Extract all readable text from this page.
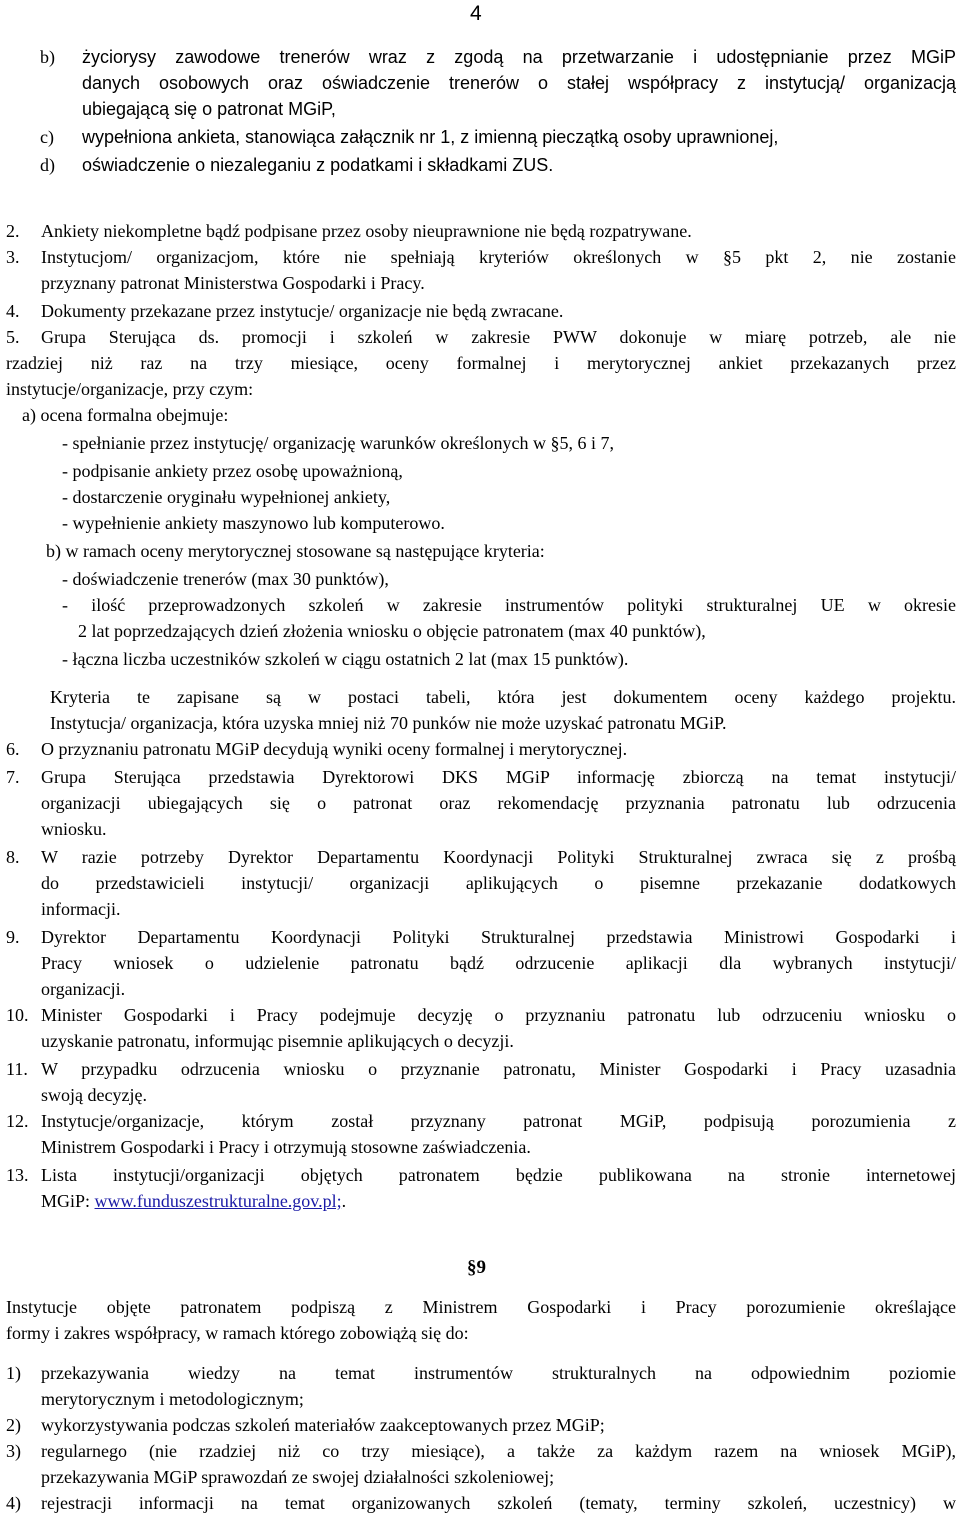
4
b) życiorysy zawodowe trenerów wraz z zgodą na przetwarzanie i udostępnianie przez MGiP
danych osobowych oraz oświadczenie trenerów o stałej współpracy z instytucją/ organizacją
ubiegającą się o patronat MGiP,
c) wypełniona ankieta, stanowiąca załącznik nr 1, z imienną pieczątką osoby uprawnionej,
d) oświadczenie o niezaleganiu z podatkami i składkami ZUS.
2. Ankiety niekompletne bądź podpisane przez osoby nieuprawnione nie będą rozpatrywane.
3. Instytucjom/ organizacjom, które nie spełniają kryteriów określonych w §5 pkt 2, nie zostanie
przyznany patronat Ministerstwa Gospodarki i Pracy.
4. Dokumenty przekazane przez instytucje/ organizacje nie będą zwracane.
5. Grupa Sterująca ds. promocji i szkoleń w zakresie PWW dokonuje w miarę potrzeb, ale nie
rzadziej niż raz na trzy miesiące, oceny formalnej i merytorycznej ankiet przekazanych przez
instytucje/organizacje, przy czym:
a) ocena formalna obejmuje:
- spełnianie przez instytucję/ organizację warunków określonych w §5, 6 i 7,
- podpisanie ankiety przez osobę upoważnioną,
- dostarczenie oryginału wypełnionej ankiety,
- wypełnienie ankiety maszynowo lub komputerowo.
b) w ramach oceny merytorycznej stosowane są następujące kryteria:
- doświadczenie trenerów (max 30 punktów),
- ilość przeprowadzonych szkoleń w zakresie instrumentów polityki strukturalnej UE w okresie
2 lat poprzedzających dzień złożenia wniosku o objęcie patronatem (max 40 punktów),
- łączna liczba uczestników szkoleń w ciągu ostatnich 2 lat (max 15 punktów).
Kryteria te zapisane są w postaci tabeli, która jest dokumentem oceny każdego projektu.
Instytucja/ organizacja, która uzyska mniej niż 70 punków nie może uzyskać patronatu MGiP.
6. O przyznaniu patronatu MGiP decydują wyniki oceny formalnej i merytorycznej.
7. Grupa Sterująca przedstawia Dyrektorowi DKS MGiP informację zbiorczą na temat instytucji/
organizacji ubiegających się o patronat oraz rekomendację przyznania patronatu lub odrzucenia
wniosku.
8. W razie potrzeby Dyrektor Departamentu Koordynacji Polityki Strukturalnej zwraca się z prośbą
do przedstawicieli instytucji/ organizacji aplikujących o pisemne przekazanie dodatkowych
informacji.
9. Dyrektor Departamentu Koordynacji Polityki Strukturalnej przedstawia Ministrowi Gospodarki i
Pracy wniosek o udzielenie patronatu bądź odrzucenie aplikacji dla wybranych instytucji/
organizacji.
10. Minister Gospodarki i Pracy podejmuje decyzję o przyznaniu patronatu lub odrzuceniu wniosku o
uzyskanie patronatu, informując pisemnie aplikujących o decyzji.
11. W przypadku odrzucenia wniosku o przyznanie patronatu, Minister Gospodarki i Pracy uzasadnia
swoją decyzję.
12. Instytucje/organizacje, którym został przyznany patronat MGiP, podpisują porozumienia z
Ministrem Gospodarki i Pracy i otrzymują stosowne zaświadczenia.
13. Lista instytucji/organizacji objętych patronatem będzie publikowana na stronie internetowej
MGiP: www.funduszestrukturalne.gov.pl;.
§9
Instytucje objęte patronatem podpiszą z Ministrem Gospodarki i Pracy porozumienie określające
formy i zakres współpracy, w ramach którego zobowiążą się do:
1) przekazywania wiedzy na temat instrumentów strukturalnych na odpowiednim poziomie
merytorycznym i metodologicznym;
2) wykorzystywania podczas szkoleń materiałów zaakceptowanych przez MGiP;
3) regularnego (nie rzadziej niż co trzy miesiące), a także za każdym razem na wniosek MGiP),
przekazywania MGiP sprawozdań ze swojej działalności szkoleniowej;
4) rejestracji informacji na temat organizowanych szkoleń (tematy, terminy szkoleń, uczestnicy) w
